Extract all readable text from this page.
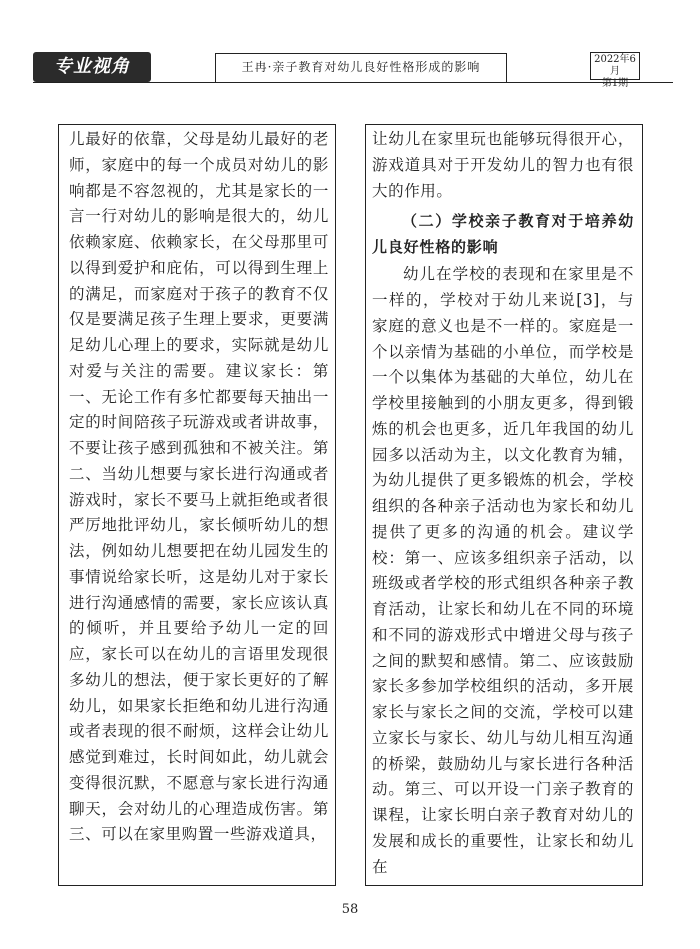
专业视角	王冉·亲子教育对幼儿良好性格形成的影响
2022年6月
第1期

儿最好的依靠，父母是幼儿最好的老师，家庭中的每一个成员对幼儿的影响都是不容忽视的，尤其是家长的一言一行对幼儿的影响是很大的，幼儿依赖家庭、依赖家长，在父母那里可以得到爱护和庇佑，可以得到生理上的满足，而家庭对于孩子的教育不仅仅是要满足孩子生理上要求，更要满足幼儿心理上的要求，实际就是幼儿对爱与关注的需要。建议家长：第一、无论工作有多忙都要每天抽出一定的时间陪孩子玩游戏或者讲故事，不要让孩子感到孤独和不被关注。第二、当幼儿想要与家长进行沟通或者游戏时，家长不要马上就拒绝或者很严厉地批评幼儿，家长倾听幼儿的想法，例如幼儿想要把在幼儿园发生的事情说给家长听，这是幼儿对于家长进行沟通感情的需要，家长应该认真的倾听，并且要给予幼儿一定的回应，家长可以在幼儿的言语里发现很多幼儿的想法，便于家长更好的了解幼儿，如果家长拒绝和幼儿进行沟通或者表现的很不耐烦，这样会让幼儿感觉到难过，长时间如此，幼儿就会变得很沉默，不愿意与家长进行沟通聊天，会对幼儿的心理造成伤害。第三、可以在家里购置一些游戏道具，

让幼儿在家里玩也能够玩得很开心，游戏道具对于开发幼儿的智力也有很大的作用。

（二）学校亲子教育对于培养幼儿良好性格的影响

幼儿在学校的表现和在家里是不一样的，学校对于幼儿来说[3]，与家庭的意义也是不一样的。家庭是一个以亲情为基础的小单位，而学校是一个以集体为基础的大单位，幼儿在学校里接触到的小朋友更多，得到锻炼的机会也更多，近几年我国的幼儿园多以活动为主，以文化教育为辅，为幼儿提供了更多锻炼的机会，学校组织的各种亲子活动也为家长和幼儿提供了更多的沟通的机会。建议学校：第一、应该多组织亲子活动，以班级或者学校的形式组织各种亲子教育活动，让家长和幼儿在不同的环境和不同的游戏形式中增进父母与孩子之间的默契和感情。第二、应该鼓励家长多参加学校组织的活动，多开展家长与家长之间的交流，学校可以建立家长与家长、幼儿与幼儿相互沟通的桥梁，鼓励幼儿与家长进行各种活动。第三、可以开设一门亲子教育的课程，让家长明白亲子教育对幼儿的发展和成长的重要性，让家长和幼儿在

58
